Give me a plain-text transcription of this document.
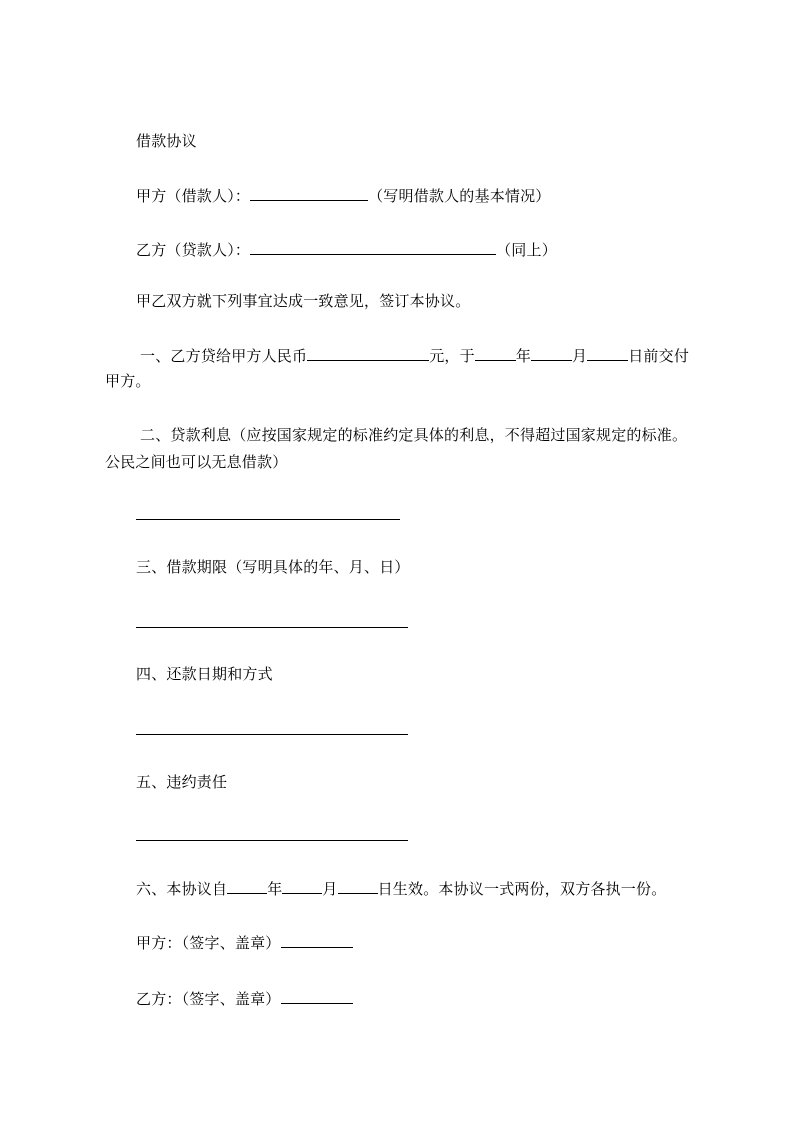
借款协议
甲方（借款人）：	（写明借款人的基本情况）
乙方（贷款人）：	（同上）
甲乙双方就下列事宜达成一致意见，签订本协议。
一、乙方贷给甲方人民币	元，于	年	月	日前交付
甲方。
二、贷款利息（应按国家规定的标准约定具体的利息，不得超过国家规定的标准。
公民之间也可以无息借款）
三、借款期限（写明具体的年、月、日）
四、还款日期和方式
五、违约责任
六、本协议自	年	月	日生效。本协议一式两份，双方各执一份。
甲方：（签字、盖章）
乙方：（签字、盖章）
